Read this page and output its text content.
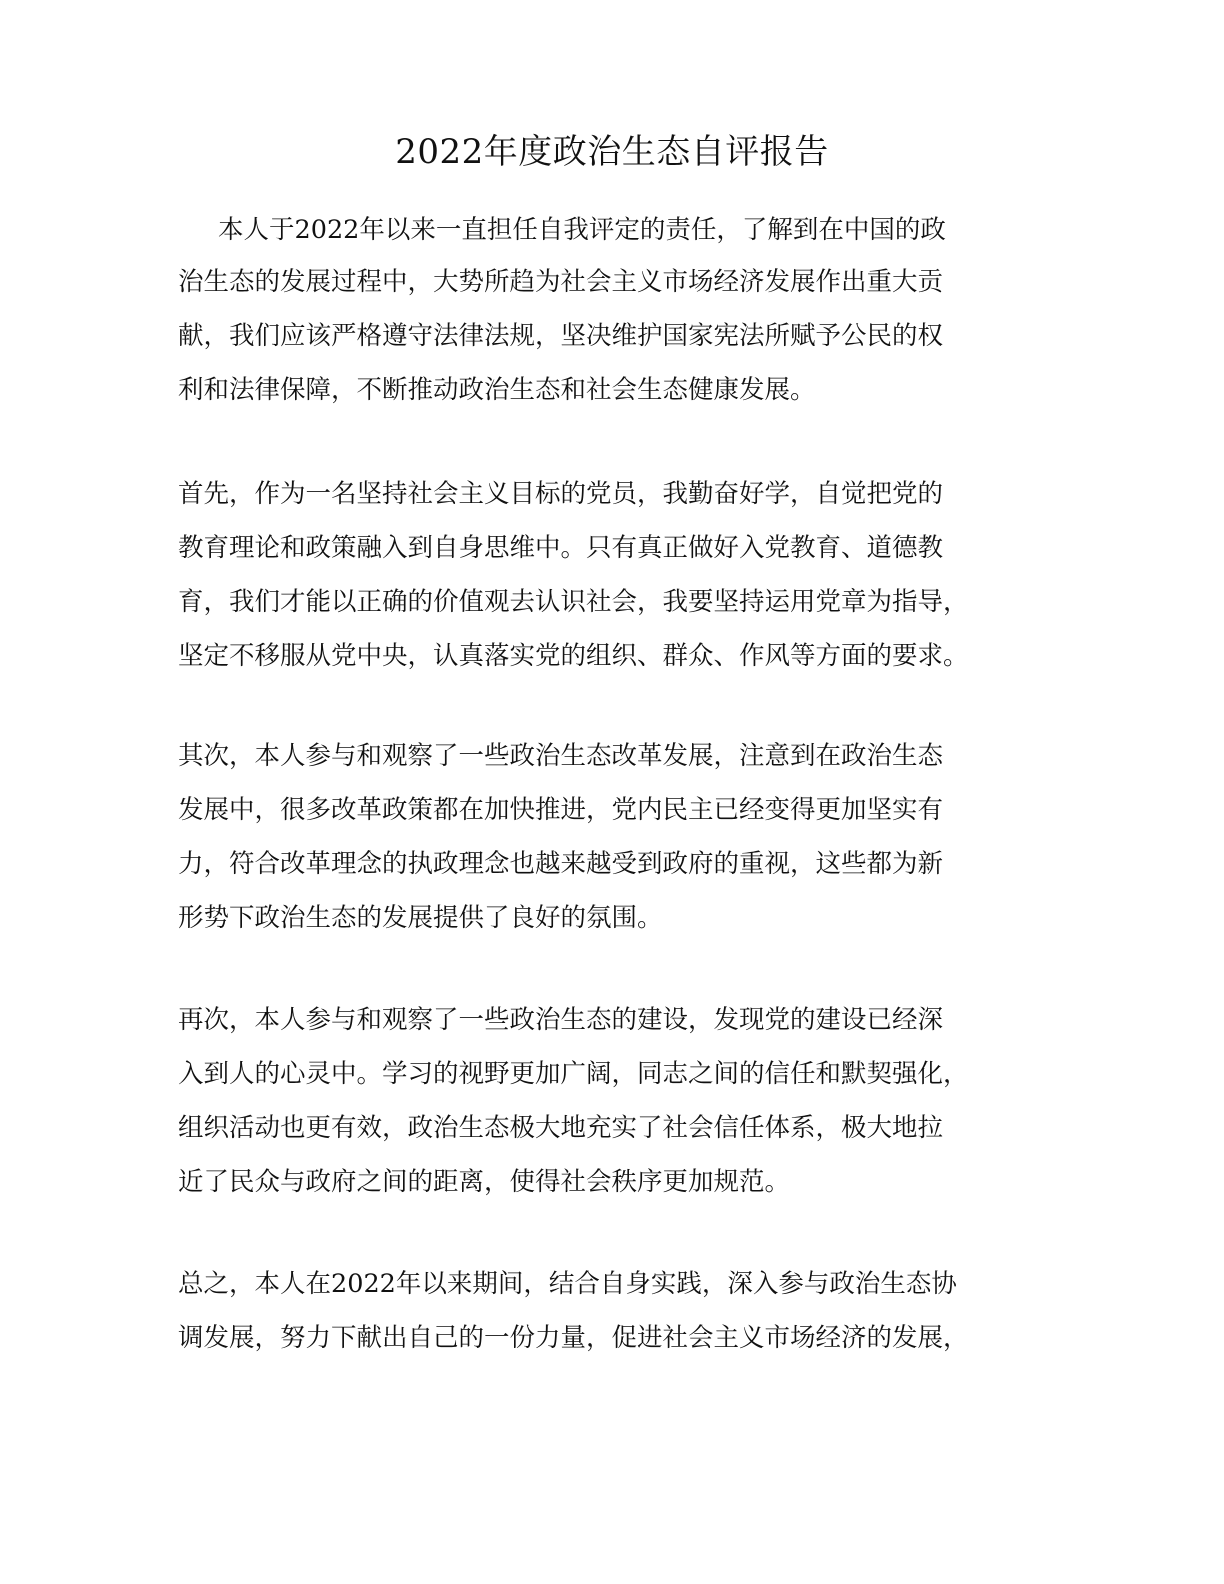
2022年度政治生态自评报告
本人于2022年以来一直担任自我评定的责任，了解到在中国的政
治生态的发展过程中，大势所趋为社会主义市场经济发展作出重大贡
献，我们应该严格遵守法律法规，坚决维护国家宪法所赋予公民的权
利和法律保障，不断推动政治生态和社会生态健康发展。
首先，作为一名坚持社会主义目标的党员，我勤奋好学，自觉把党的
教育理论和政策融入到自身思维中。只有真正做好入党教育、道德教
育，我们才能以正确的价值观去认识社会，我要坚持运用党章为指导，
坚定不移服从党中央，认真落实党的组织、群众、作风等方面的要求。
其次，本人参与和观察了一些政治生态改革发展，注意到在政治生态
发展中，很多改革政策都在加快推进，党内民主已经变得更加坚实有
力，符合改革理念的执政理念也越来越受到政府的重视，这些都为新
形势下政治生态的发展提供了良好的氛围。
再次，本人参与和观察了一些政治生态的建设，发现党的建设已经深
入到人的心灵中。学习的视野更加广阔，同志之间的信任和默契强化，
组织活动也更有效，政治生态极大地充实了社会信任体系，极大地拉
近了民众与政府之间的距离，使得社会秩序更加规范。
总之，本人在2022年以来期间，结合自身实践，深入参与政治生态协
调发展，努力下献出自己的一份力量，促进社会主义市场经济的发展，
